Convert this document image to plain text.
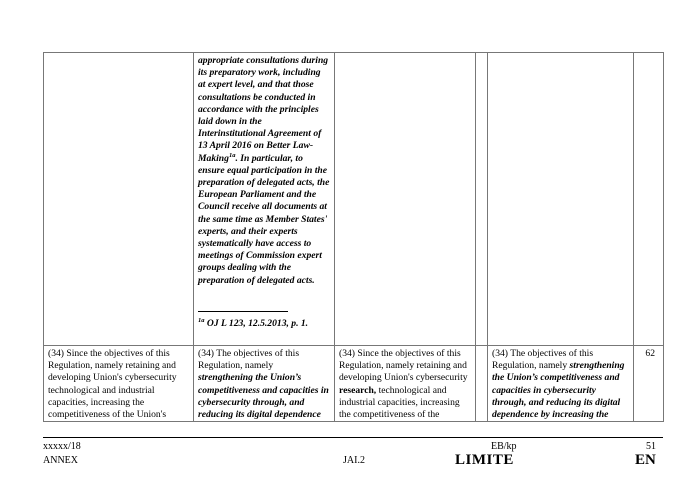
	appropriate consultations during its preparatory work, including at expert level, and that those consultations be conducted in accordance with the principles laid down in the Interinstitutional Agreement of 13 April 2016 on Better Law-Making$^{1a}$. In particular, to ensure equal participation in the preparation of delegated acts, the European Parliament and the Council receive all documents at the same time as Member States' experts, and their experts systematically have access to meetings of Commission expert groups dealing with the preparation of delegated acts.
$^{1a}$ OJ L 123, 12.5.2013, p. 1.				

(34) Since the objectives of this Regulation, namely retaining and developing Union's cybersecurity technological and industrial capacities, increasing the competitiveness of the Union's	(34) The objectives of this Regulation, namely strengthening the Union’s competitiveness and capacities in cybersecurity through, and reducing its digital dependence	(34) Since the objectives of this Regulation, namely retaining and developing Union's cybersecurity research, technological and industrial capacities, increasing the competitiveness of the		(34) The objectives of this Regulation, namely strengthening the Union’s competitiveness and capacities in cybersecurity through, and reducing its digital dependence by increasing the	62
xxxxx/18
ANNEX
EB/kp
JAI.2
51
LIMITE	EN
